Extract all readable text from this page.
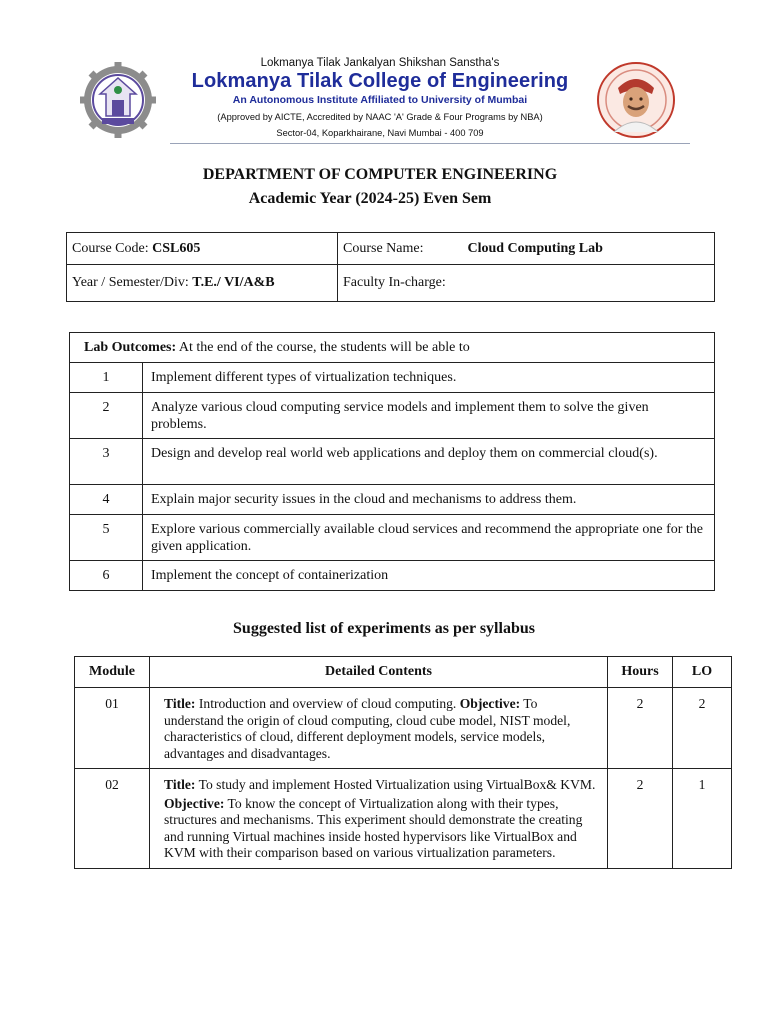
Lokmanya Tilak Jankalyan Shikshan Sanstha's
Lokmanya Tilak College of Engineering
An Autonomous Institute Affiliated to University of Mumbai
(Approved by AICTE, Accredited by NAAC 'A' Grade & Four Programs by NBA)
Sector-04, Koparkhairane, Navi Mumbai - 400 709
DEPARTMENT OF COMPUTER ENGINEERING
Academic Year (2024-25) Even Sem
Course Code: CSL605	Course Name: Cloud Computing Lab
Year / Semester/Div: T.E./ VI/A&B	Faculty In-charge:
Lab Outcomes: At the end of the course, the students will be able to	
1	Implement different types of virtualization techniques.
2	Analyze various cloud computing service models and implement them to solve the given problems.
3	Design and develop real world web applications and deploy them on commercial cloud(s).
4	Explain major security issues in the cloud and mechanisms to address them.
5	Explore various commercially available cloud services and recommend the appropriate one for the given application.
6	Implement the concept of containerization
Suggested list of experiments as per syllabus
Module	Detailed Contents	Hours	LO
01	Title: Introduction and overview of cloud computing. Objective: To understand the origin of cloud computing, cloud cube model, NIST model, characteristics of cloud, different deployment models, service models, advantages and disadvantages.	2	2
02	Title: To study and implement Hosted Virtualization using VirtualBox& KVM.

Objective: To know the concept of Virtualization along with their types, structures and mechanisms. This experiment should demonstrate the creating and running Virtual machines inside hosted hypervisors like VirtualBox and KVM with their comparison based on various virtualization parameters.	2	1
